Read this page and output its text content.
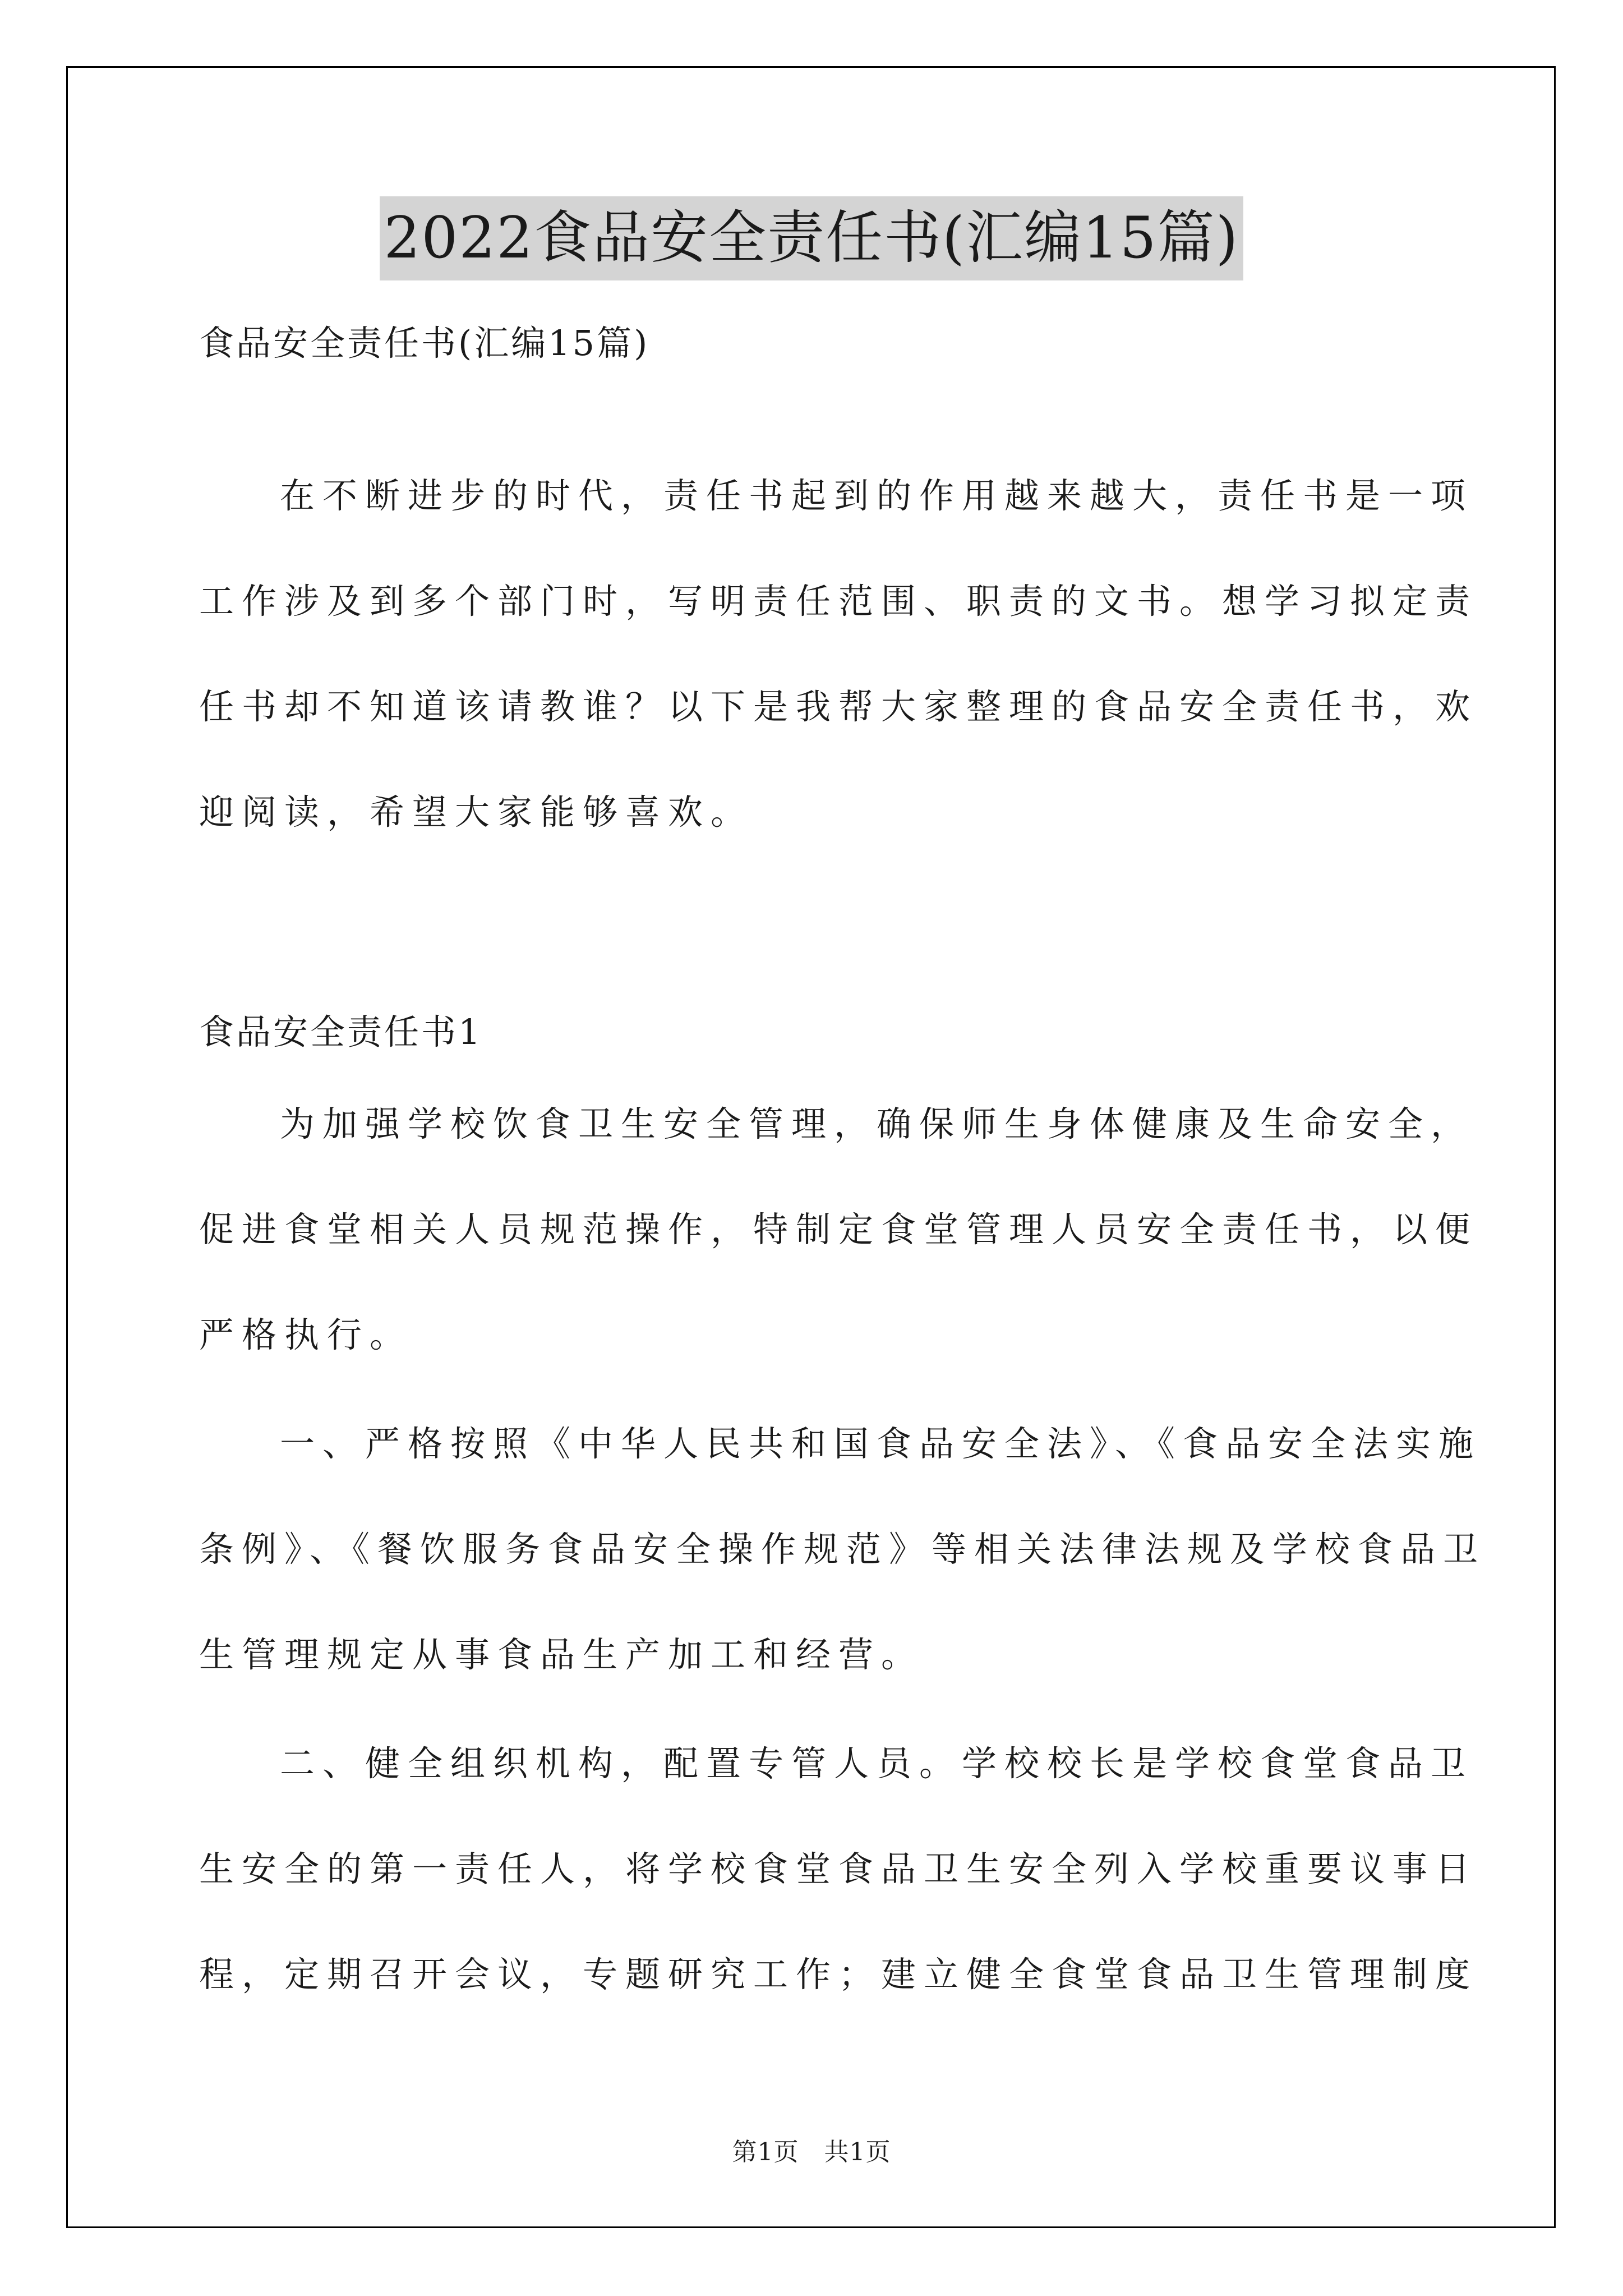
2022食品安全责任书(汇编15篇)
食品安全责任书(汇编15篇)
在不断进步的时代，责任书起到的作用越来越大，责任书是一项
工作涉及到多个部门时，写明责任范围、职责的文书。想学习拟定责
任书却不知道该请教谁？以下是我帮大家整理的食品安全责任书，欢
迎阅读，希望大家能够喜欢。
食品安全责任书1
为加强学校饮食卫生安全管理，确保师生身体健康及生命安全，
促进食堂相关人员规范操作，特制定食堂管理人员安全责任书，以便
严格执行。
一、严格按照《中华人民共和国食品安全法》、《食品安全法实施
条例》、《餐饮服务食品安全操作规范》等相关法律法规及学校食品卫
生管理规定从事食品生产加工和经营。
二、健全组织机构，配置专管人员。学校校长是学校食堂食品卫
生安全的第一责任人，将学校食堂食品卫生安全列入学校重要议事日
程，定期召开会议，专题研究工作；建立健全食堂食品卫生管理制度
第1页　共1页
